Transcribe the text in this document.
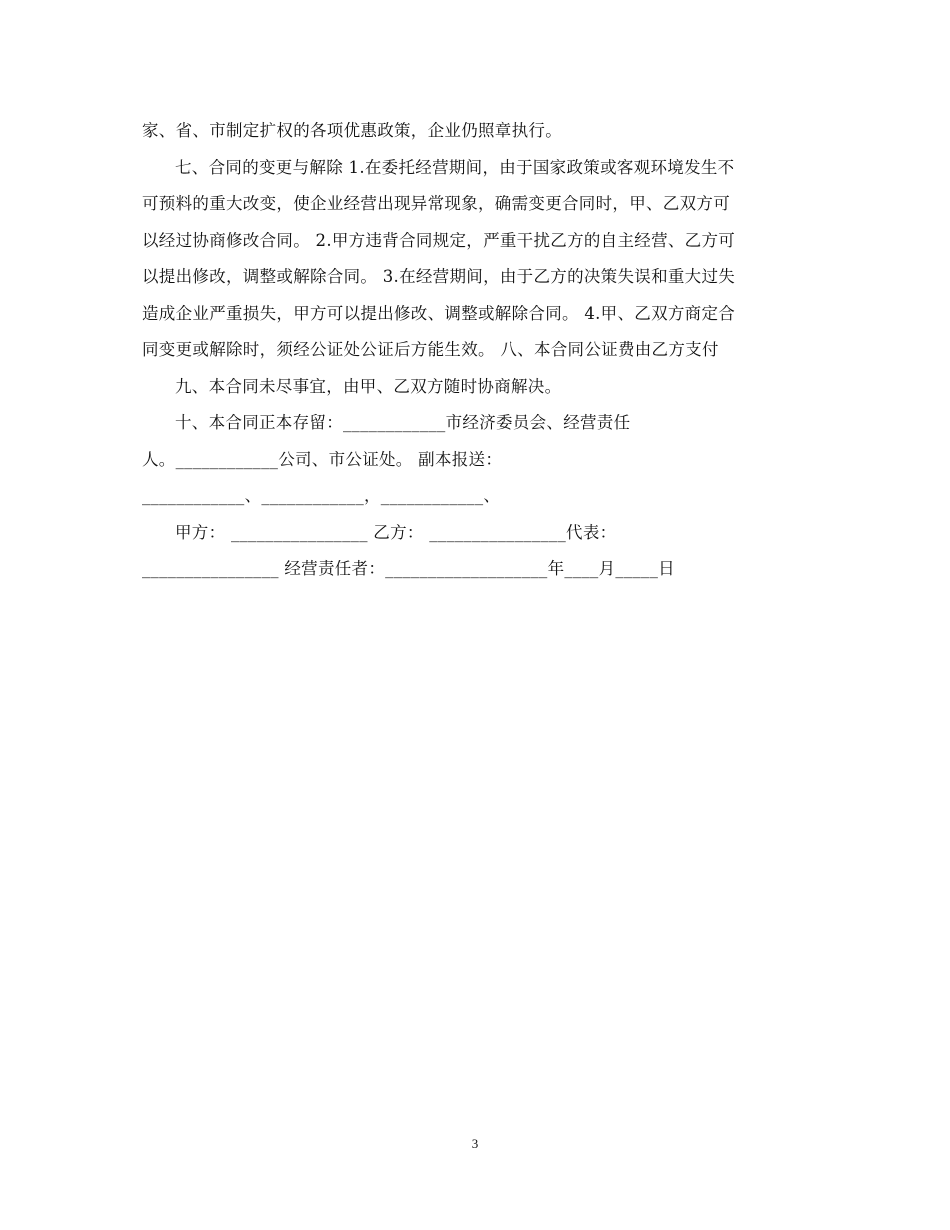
家、省、市制定扩权的各项优惠政策，企业仍照章执行。
七、合同的变更与解除 1.在委托经营期间，由于国家政策或客观环境发生不
可预料的重大改变，使企业经营出现异常现象，确需变更合同时，甲、乙双方可
以经过协商修改合同。 2.甲方违背合同规定，严重干扰乙方的自主经营、乙方可
以提出修改，调整或解除合同。 3.在经营期间，由于乙方的决策失误和重大过失
造成企业严重损失，甲方可以提出修改、调整或解除合同。 4.甲、乙双方商定合
同变更或解除时，须经公证处公证后方能生效。 八、本合同公证费由乙方支付
九、本合同未尽事宜，由甲、乙双方随时协商解决。
十、本合同正本存留：____________市经济委员会、经营责任
人。____________公司、市公证处。 副本报送：
____________、____________，____________、
甲方： ________________ 乙方： ________________代表：
________________ 经营责任者：___________________年____月_____日
3
